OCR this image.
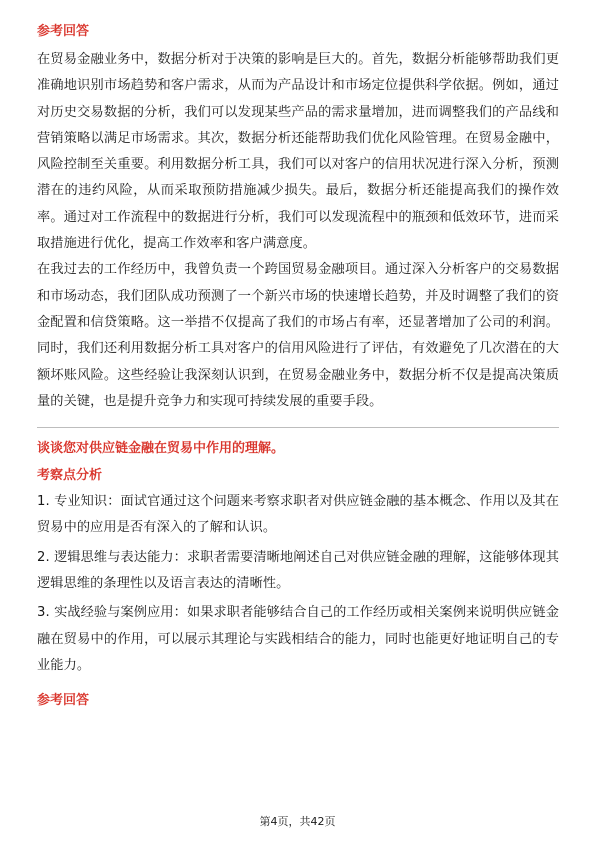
参考回答

在贸易金融业务中，数据分析对于决策的影响是巨大的。首先，数据分析能够帮助我们更准确地识别市场趋势和客户需求，从而为产品设计和市场定位提供科学依据。例如，通过对历史交易数据的分析，我们可以发现某些产品的需求量增加，进而调整我们的产品线和营销策略以满足市场需求。其次，数据分析还能帮助我们优化风险管理。在贸易金融中，风险控制至关重要。利用数据分析工具，我们可以对客户的信用状况进行深入分析，预测潜在的违约风险，从而采取预防措施减少损失。最后，数据分析还能提高我们的操作效率。通过对工作流程中的数据进行分析，我们可以发现流程中的瓶颈和低效环节，进而采取措施进行优化，提高工作效率和客户满意度。

在我过去的工作经历中，我曾负责一个跨国贸易金融项目。通过深入分析客户的交易数据和市场动态，我们团队成功预测了一个新兴市场的快速增长趋势，并及时调整了我们的资金配置和信贷策略。这一举措不仅提高了我们的市场占有率，还显著增加了公司的利润。同时，我们还利用数据分析工具对客户的信用风险进行了评估，有效避免了几次潜在的大额坏账风险。这些经验让我深刻认识到，在贸易金融业务中，数据分析不仅是提高决策质量的关键，也是提升竞争力和实现可持续发展的重要手段。

谈谈您对供应链金融在贸易中作用的理解。

考察点分析

1. 专业知识：面试官通过这个问题来考察求职者对供应链金融的基本概念、作用以及其在贸易中的应用是否有深入的了解和认识。

2. 逻辑思维与表达能力：求职者需要清晰地阐述自己对供应链金融的理解，这能够体现其逻辑思维的条理性以及语言表达的清晰性。

3. 实战经验与案例应用：如果求职者能够结合自己的工作经历或相关案例来说明供应链金融在贸易中的作用，可以展示其理论与实践相结合的能力，同时也能更好地证明自己的专业能力。

参考回答

第4页，共42页
